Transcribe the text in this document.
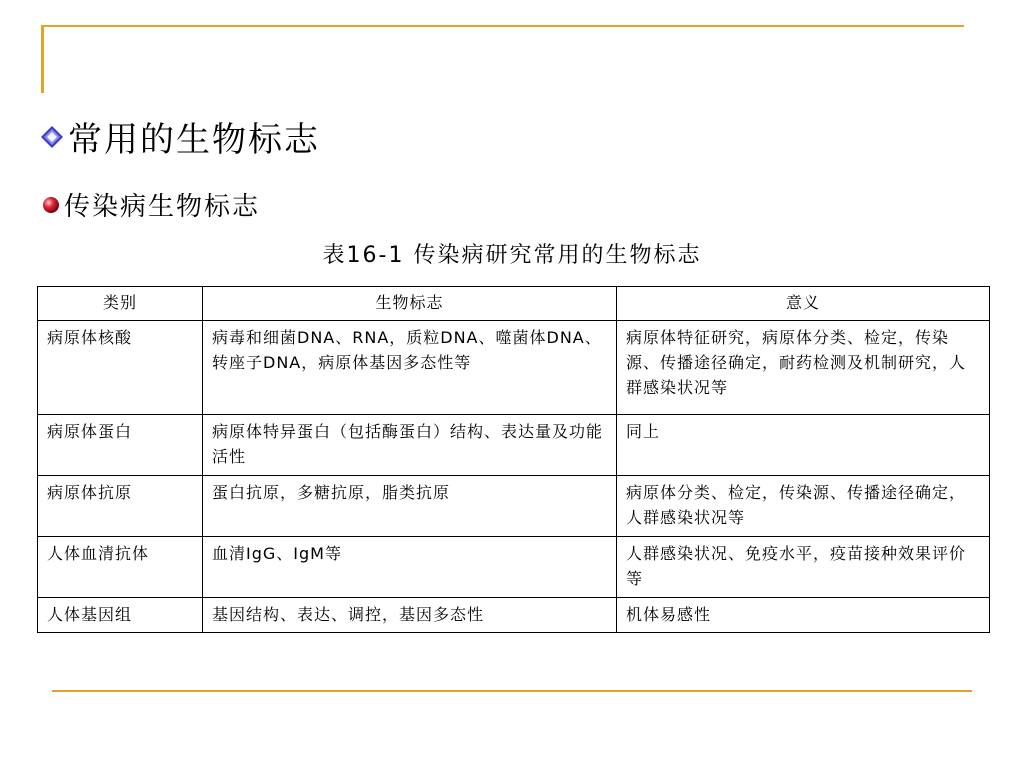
常用的生物标志
传染病生物标志
表16-1 传染病研究常用的生物标志
类别	生物标志	意义
病原体核酸	病毒和细菌DNA、RNA，质粒DNA、噬菌体DNA、转座子DNA，病原体基因多态性等	病原体特征研究，病原体分类、检定，传染源、传播途径确定，耐药检测及机制研究，人群感染状况等
病原体蛋白	病原体特异蛋白（包括酶蛋白）结构、表达量及功能活性	同上
病原体抗原	蛋白抗原，多糖抗原，脂类抗原	病原体分类、检定，传染源、传播途径确定，人群感染状况等
人体血清抗体	血清IgG、IgM等	人群感染状况、免疫水平，疫苗接种效果评价等
人体基因组	基因结构、表达、调控，基因多态性	机体易感性
